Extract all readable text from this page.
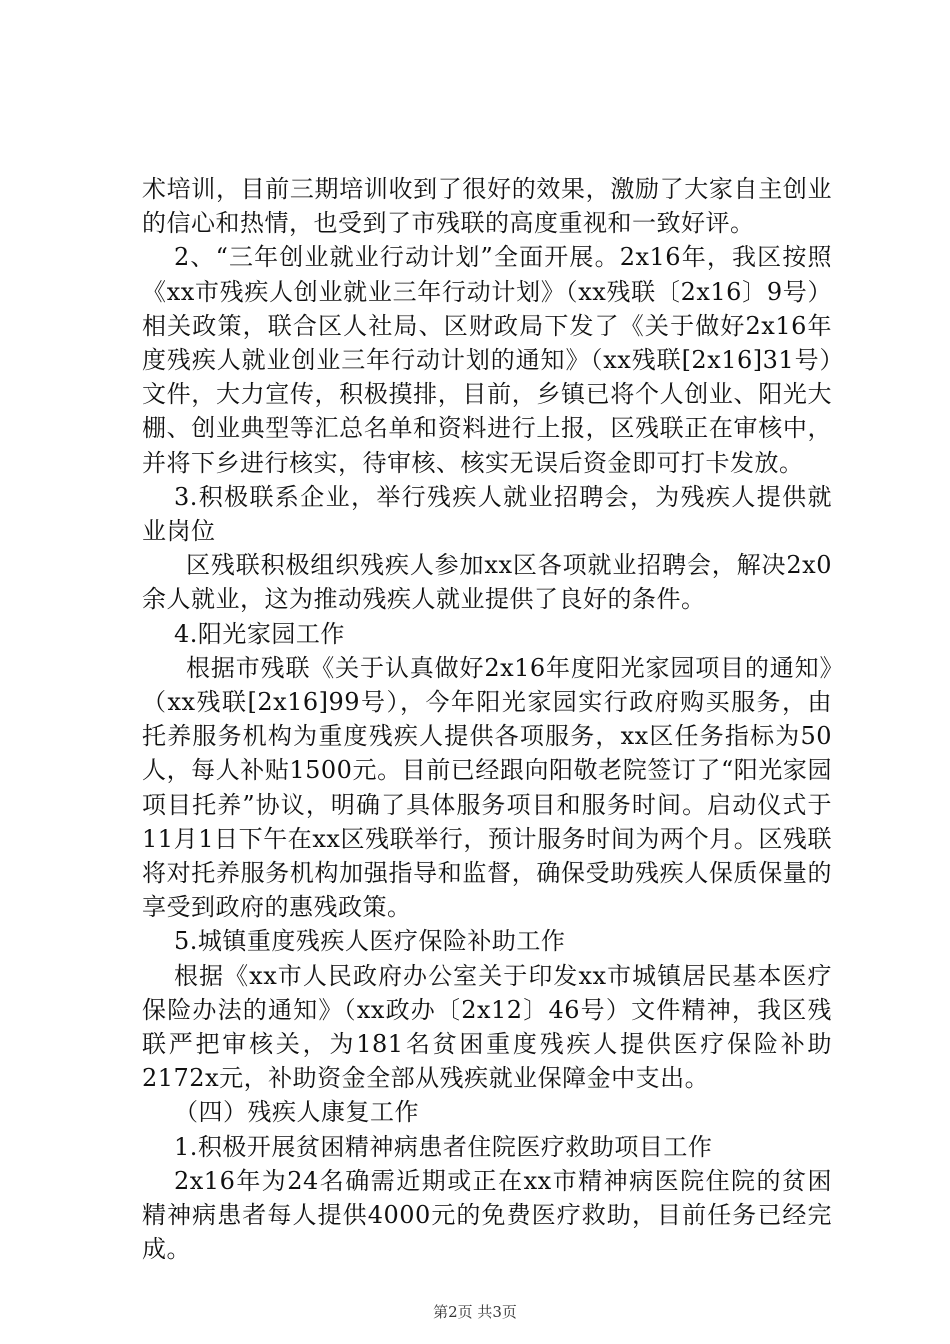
术培训，目前三期培训收到了很好的效果，激励了大家自主创业的信心和热情，也受到了市残联的高度重视和一致好评。

2、“三年创业就业行动计划”全面开展。2x16年，我区按照《xx市残疾人创业就业三年行动计划》（xx残联〔2x16〕9号）相关政策，联合区人社局、区财政局下发了《关于做好2x16年度残疾人就业创业三年行动计划的通知》（xx残联[2x16]31号）文件，大力宣传，积极摸排，目前，乡镇已将个人创业、阳光大棚、创业典型等汇总名单和资料进行上报，区残联正在审核中，并将下乡进行核实，待审核、核实无误后资金即可打卡发放。

3.积极联系企业，举行残疾人就业招聘会，为残疾人提供就业岗位

区残联积极组织残疾人参加xx区各项就业招聘会，解决2x0余人就业，这为推动残疾人就业提供了良好的条件。

4.阳光家园工作

根据市残联《关于认真做好2x16年度阳光家园项目的通知》（xx残联[2x16]99号），今年阳光家园实行政府购买服务，由托养服务机构为重度残疾人提供各项服务，xx区任务指标为50人，每人补贴1500元。目前已经跟向阳敬老院签订了“阳光家园项目托养”协议，明确了具体服务项目和服务时间。启动仪式于11月1日下午在xx区残联举行，预计服务时间为两个月。区残联将对托养服务机构加强指导和监督，确保受助残疾人保质保量的享受到政府的惠残政策。

5.城镇重度残疾人医疗保险补助工作

根据《xx市人民政府办公室关于印发xx市城镇居民基本医疗保险办法的通知》（xx政办〔2x12〕46号）文件精神，我区残联严把审核关，为181名贫困重度残疾人提供医疗保险补助2172x元，补助资金全部从残疾就业保障金中支出。

（四）残疾人康复工作

1.积极开展贫困精神病患者住院医疗救助项目工作

2x16年为24名确需近期或正在xx市精神病医院住院的贫困精神病患者每人提供4000元的免费医疗救助，目前任务已经完成。

第2页 共3页
